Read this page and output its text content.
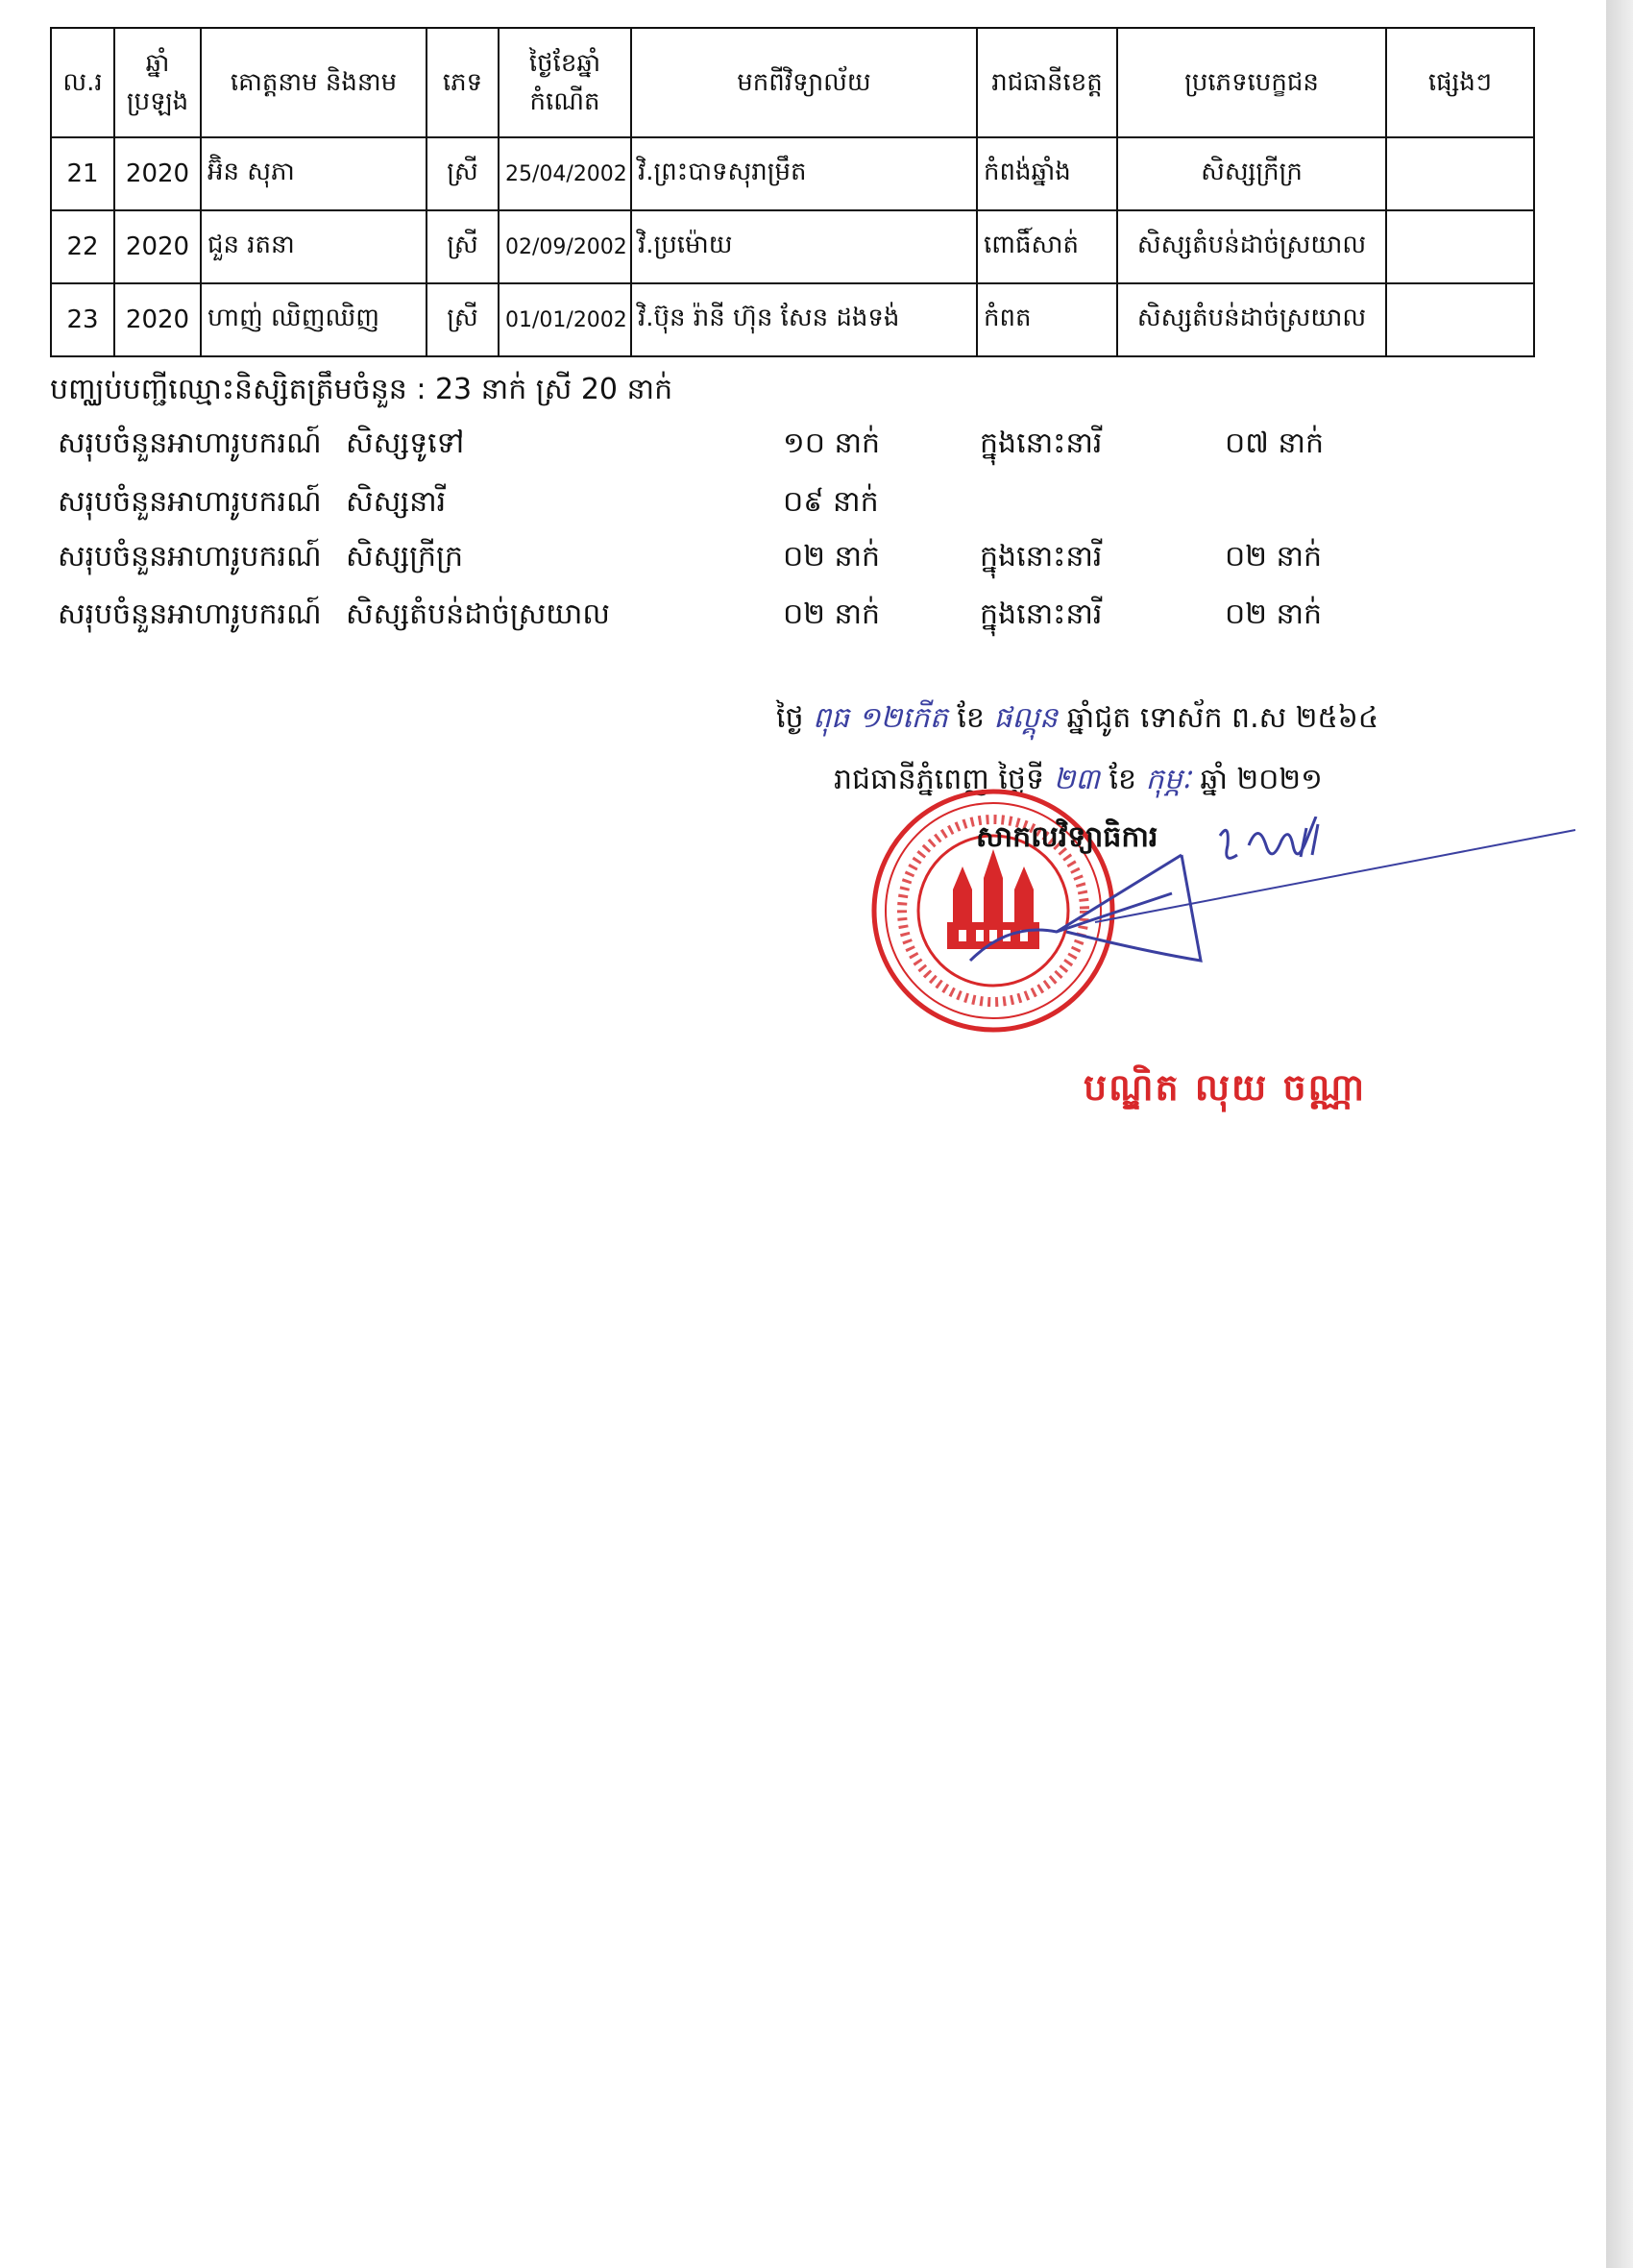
ល.រ	ឆ្នាំប្រឡង	គោត្តនាម និងនាម	ភេទ	ថ្ងៃខែឆ្នាំកំណើត	មកពីវិទ្យាល័យ	រាជធានីខេត្ត	ប្រភេទបេក្ខជន	ផ្សេងៗ
21	2020	អ៊ិន សុភា	ស្រី	25/04/2002	វិ.ព្រះបាទសុរាម្រឹត	កំពង់ឆ្នាំង	សិស្សក្រីក្រ	
22	2020	ជួន រតនា	ស្រី	02/09/2002	វិ.ប្រម៉ោយ	ពោធិ៍សាត់	សិស្សតំបន់ដាច់ស្រយាល	
23	2020	ហាញ់ ឈិញឈិញ	ស្រី	01/01/2002	វិ.ប៊ុន រ៉ានី ហ៊ុន សែន ដងទង់	កំពត	សិស្សតំបន់ដាច់ស្រយាល	
បញ្ឈប់បញ្ជីឈ្មោះនិស្សិតត្រឹមចំនួន : 23 នាក់ ស្រី 20 នាក់
សរុបចំនួនអាហារូបករណ៍ សិស្សទូទៅ	១០ នាក់	ក្នុងនោះនារី	០៧ នាក់
សរុបចំនួនអាហារូបករណ៍ សិស្សនារី	០៩ នាក់
សរុបចំនួនអាហារូបករណ៍ សិស្សក្រីក្រ	០២ នាក់	ក្នុងនោះនារី	០២ នាក់
សរុបចំនួនអាហារូបករណ៍ សិស្សតំបន់ដាច់ស្រយាល	០២ នាក់	ក្នុងនោះនារី	០២ នាក់
ថ្ងៃ ពុធ ១២កើត ខែ ផល្គុន ឆ្នាំជូត ទោស័ក ព.ស ២៥៦៤
រាជធានីភ្នំពេញ ថ្ងៃទី ២៣ ខែ កុម្ភៈ ឆ្នាំ ២០២១
សាកលវិទ្យាធិការ
បណ្ឌិត លុយ ចណ្ណា
